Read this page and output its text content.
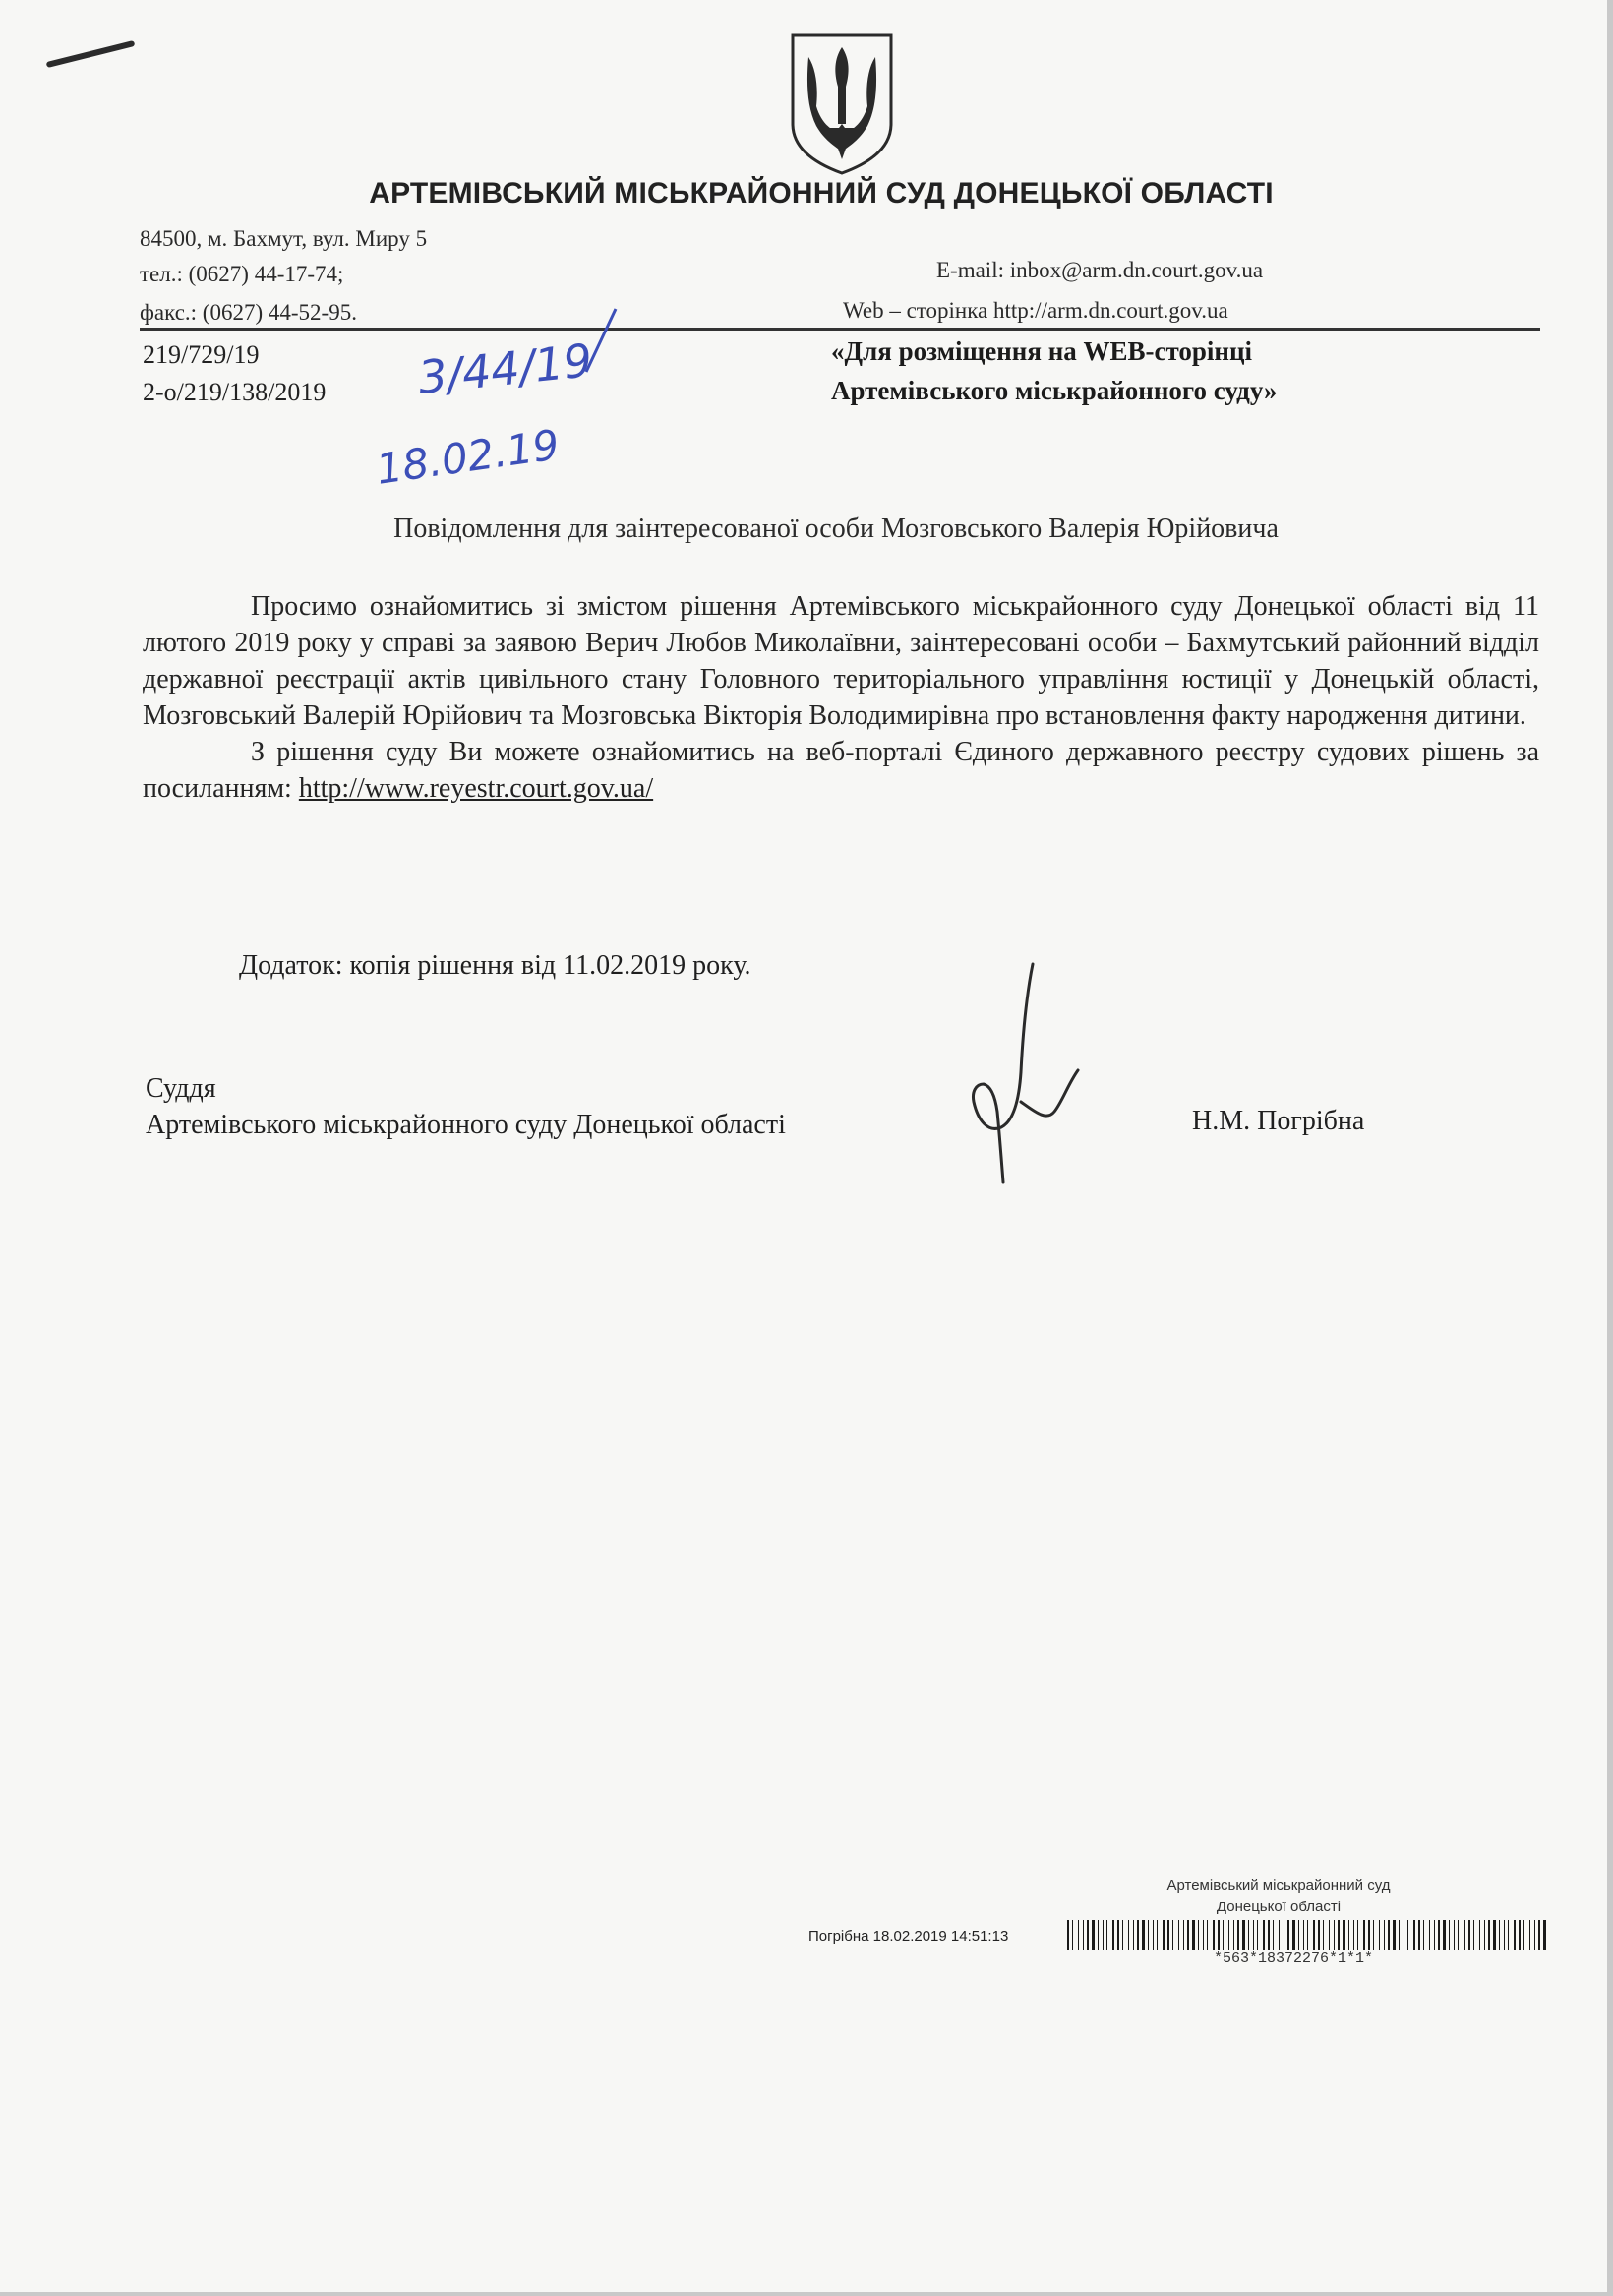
АРТЕМІВСЬКИЙ МІСЬКРАЙОННИЙ СУД ДОНЕЦЬКОЇ ОБЛАСТІ
84500, м. Бахмут, вул. Миру 5
тел.: (0627) 44-17-74;
факс.: (0627) 44-52-95.
E-mail: inbox@arm.dn.court.gov.ua
Web – сторінка http://arm.dn.court.gov.ua
219/729/19
2-о/219/138/2019 3/44/19
18.02.19
«Для розміщення на WEB-сторінці
Артемівського міськрайонного суду»
Повідомлення для заінтересованої особи Мозговського Валерія Юрійовича

Просимо ознайомитись зі змістом рішення Артемівського міськрайонного суду Донецької області від 11 лютого 2019 року у справі за заявою Верич Любов Миколаївни, заінтересовані особи – Бахмутський районний відділ державної реєстрації актів цивільного стану Головного територіального управління юстиції у Донецькій області, Мозговський Валерій Юрійович та Мозговська Вікторія Володимирівна про встановлення факту народження дитини.

З рішення суду Ви можете ознайомитись на веб-порталі Єдиного державного реєстру судових рішень за посиланням: http://www.reyestr.court.gov.ua/

Додаток: копія рішення від 11.02.2019 року.
Суддя
Артемівського міськрайонного суду Донецької області	Н.М. Погрібна
Артемівський міськрайонний суд
Донецької області
Погрібна 18.02.2019 14:51:13
*563*18372276*1*1*
